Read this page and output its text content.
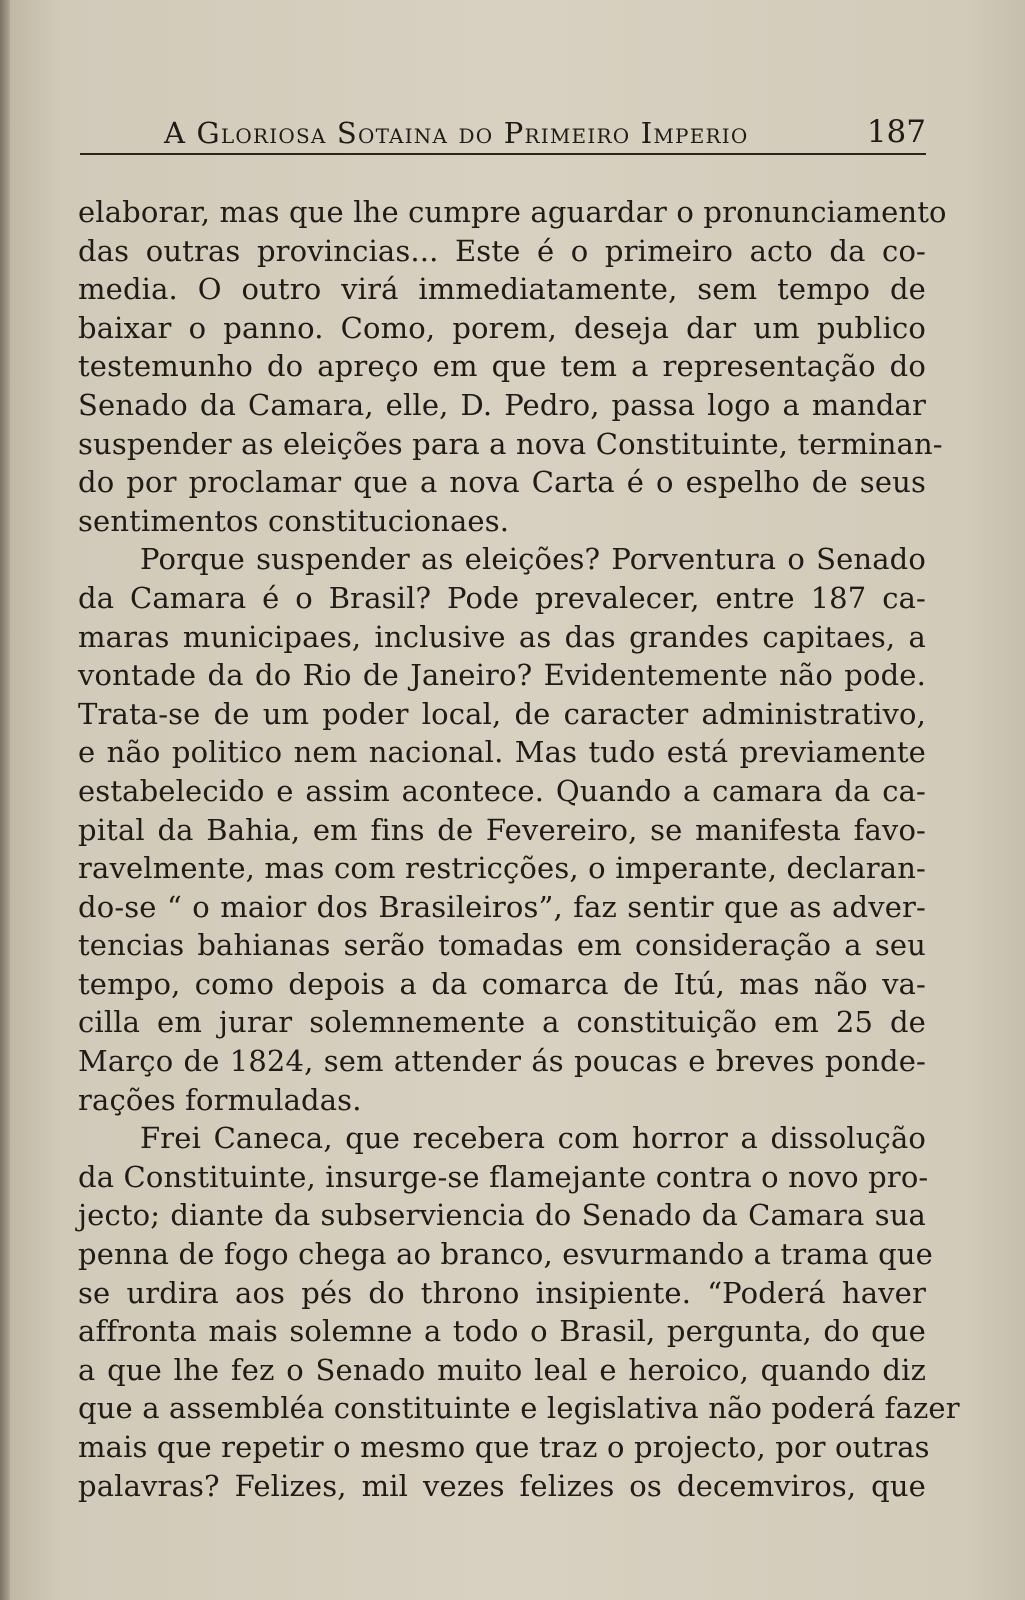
A Gloriosa Sotaina do Primeiro Imperio	187
elaborar, mas que lhe cumpre aguardar o pronunciamento
das outras provincias... Este é o primeiro acto da co-
media. O outro virá immediatamente, sem tempo de
baixar o panno. Como, porem, deseja dar um publico
testemunho do apreço em que tem a representação do
Senado da Camara, elle, D. Pedro, passa logo a mandar
suspender as eleições para a nova Constituinte, terminan-
do por proclamar que a nova Carta é o espelho de seus
sentimentos constitucionaes.
Porque suspender as eleições? Porventura o Senado
da Camara é o Brasil? Pode prevalecer, entre 187 ca-
maras municipaes, inclusive as das grandes capitaes, a
vontade da do Rio de Janeiro? Evidentemente não pode.
Trata-se de um poder local, de caracter administrativo,
e não politico nem nacional. Mas tudo está previamente
estabelecido e assim acontece. Quando a camara da ca-
pital da Bahia, em fins de Fevereiro, se manifesta favo-
ravelmente, mas com restricções, o imperante, declaran-
do-se “ o maior dos Brasileiros”, faz sentir que as adver-
tencias bahianas serão tomadas em consideração a seu
tempo, como depois a da comarca de Itú, mas não va-
cilla em jurar solemnemente a constituição em 25 de
Março de 1824, sem attender ás poucas e breves ponde-
rações formuladas.
Frei Caneca, que recebera com horror a dissolução
da Constituinte, insurge-se flamejante contra o novo pro-
jecto; diante da subserviencia do Senado da Camara sua
penna de fogo chega ao branco, esvurmando a trama que
se urdira aos pés do throno insipiente. “Poderá haver
affronta mais solemne a todo o Brasil, pergunta, do que
a que lhe fez o Senado muito leal e heroico, quando diz
que a assembléa constituinte e legislativa não poderá fazer
mais que repetir o mesmo que traz o projecto, por outras
palavras? Felizes, mil vezes felizes os decemviros, que
